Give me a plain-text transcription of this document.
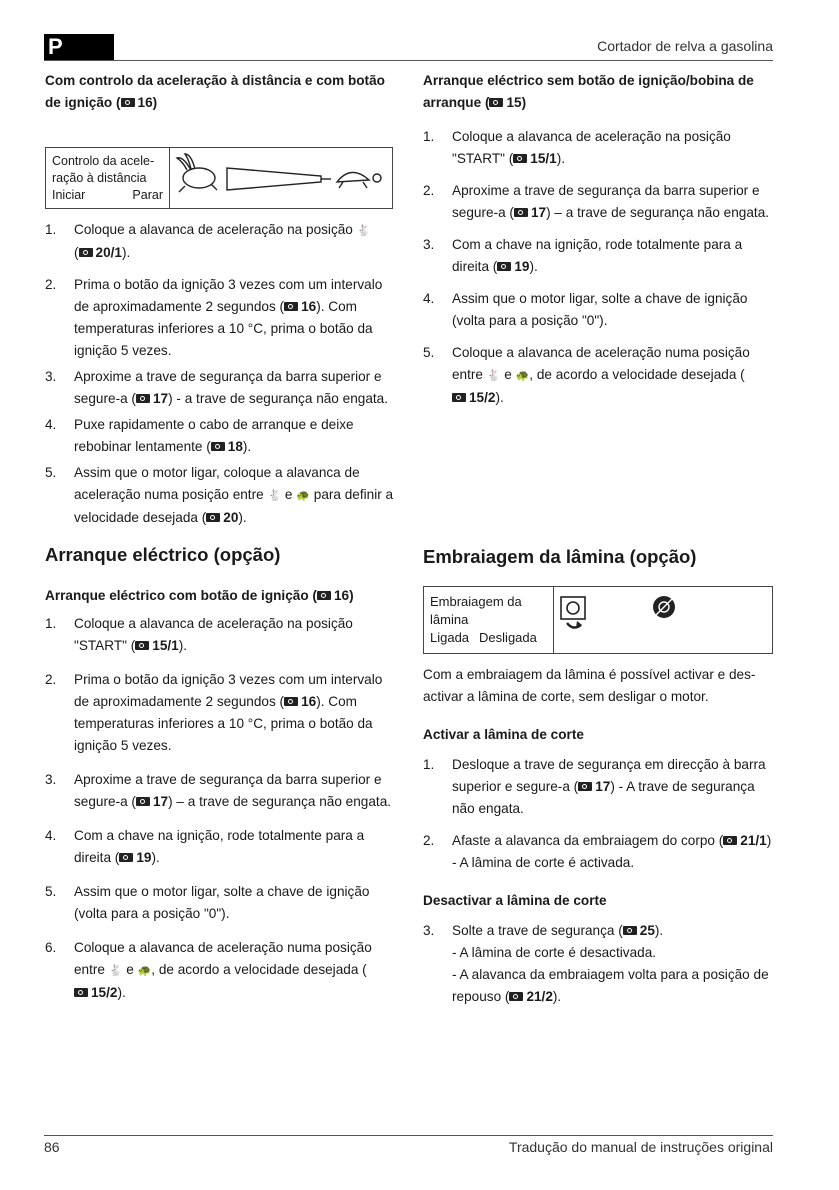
P	Cortador de relva a gasolina

Com controlo da aceleração à distância e com botão de ignição ( 16)

Controlo da acele-ração à distância
Iniciar	Parar
1. Coloque a alavanca de aceleração na posição 🐇
( 20/1).
2. Prima o botão da ignição 3 vezes com um intervalo de aproximadamente 2 segundos ( 16). Com temperaturas inferiores a 10 °C, prima o botão da ignição 5 vezes.
3. Aproxime a trave de segurança da barra superior e segure-a ( 17) - a trave de segurança não engata.
4. Puxe rapidamente o cabo de arranque e deixe rebobinar lentamente ( 18).
5. Assim que o motor ligar, coloque a alavanca de aceleração numa posição entre 🐇 e 🐢 para definir a velocidade desejada ( 20).

Arranque eléctrico (opção)

Arranque eléctrico com botão de ignição ( 16)

1. Coloque a alavanca de aceleração na posição "START" ( 15/1).
2. Prima o botão da ignição 3 vezes com um intervalo de aproximadamente 2 segundos ( 16). Com temperaturas inferiores a 10 °C, prima o botão da ignição 5 vezes.
3. Aproxime a trave de segurança da barra superior e segure-a ( 17) – a trave de segurança não engata.
4. Com a chave na ignição, rode totalmente para a direita ( 19).
5. Assim que o motor ligar, solte a chave de ignição (volta para a posição "0").
6. Coloque a alavanca de aceleração numa posição entre 🐇 e 🐢, de acordo a velocidade desejada (15/2).

Arranque eléctrico sem botão de ignição/bobina de arranque ( 15)

1. Coloque a alavanca de aceleração na posição "START" ( 15/1).
2. Aproxime a trave de segurança da barra superior e segure-a ( 17) – a trave de segurança não engata.
3. Com a chave na ignição, rode totalmente para a direita ( 19).
4. Assim que o motor ligar, solte a chave de ignição (volta para a posição "0").
5. Coloque a alavanca de aceleração numa posição entre 🐇 e 🐢, de acordo a velocidade desejada (15/2).

Embraiagem da lâmina (opção)

Embraiagem da lâmina
Ligada Desligada

Com a embraiagem da lâmina é possível activar e des-activar a lâmina de corte, sem desligar o motor.

Activar a lâmina de corte

1. Desloque a trave de segurança em direcção à barra superior e segure-a ( 17) - A trave de segurança não engata.
2. Afaste a alavanca da embraiagem do corpo ( 21/1)
- A lâmina de corte é activada.

Desactivar a lâmina de corte

3. Solte a trave de segurança ( 25).
- A lâmina de corte é desactivada.
- A alavanca da embraiagem volta para a posição de repouso ( 21/2).
86	Tradução do manual de instruções original
